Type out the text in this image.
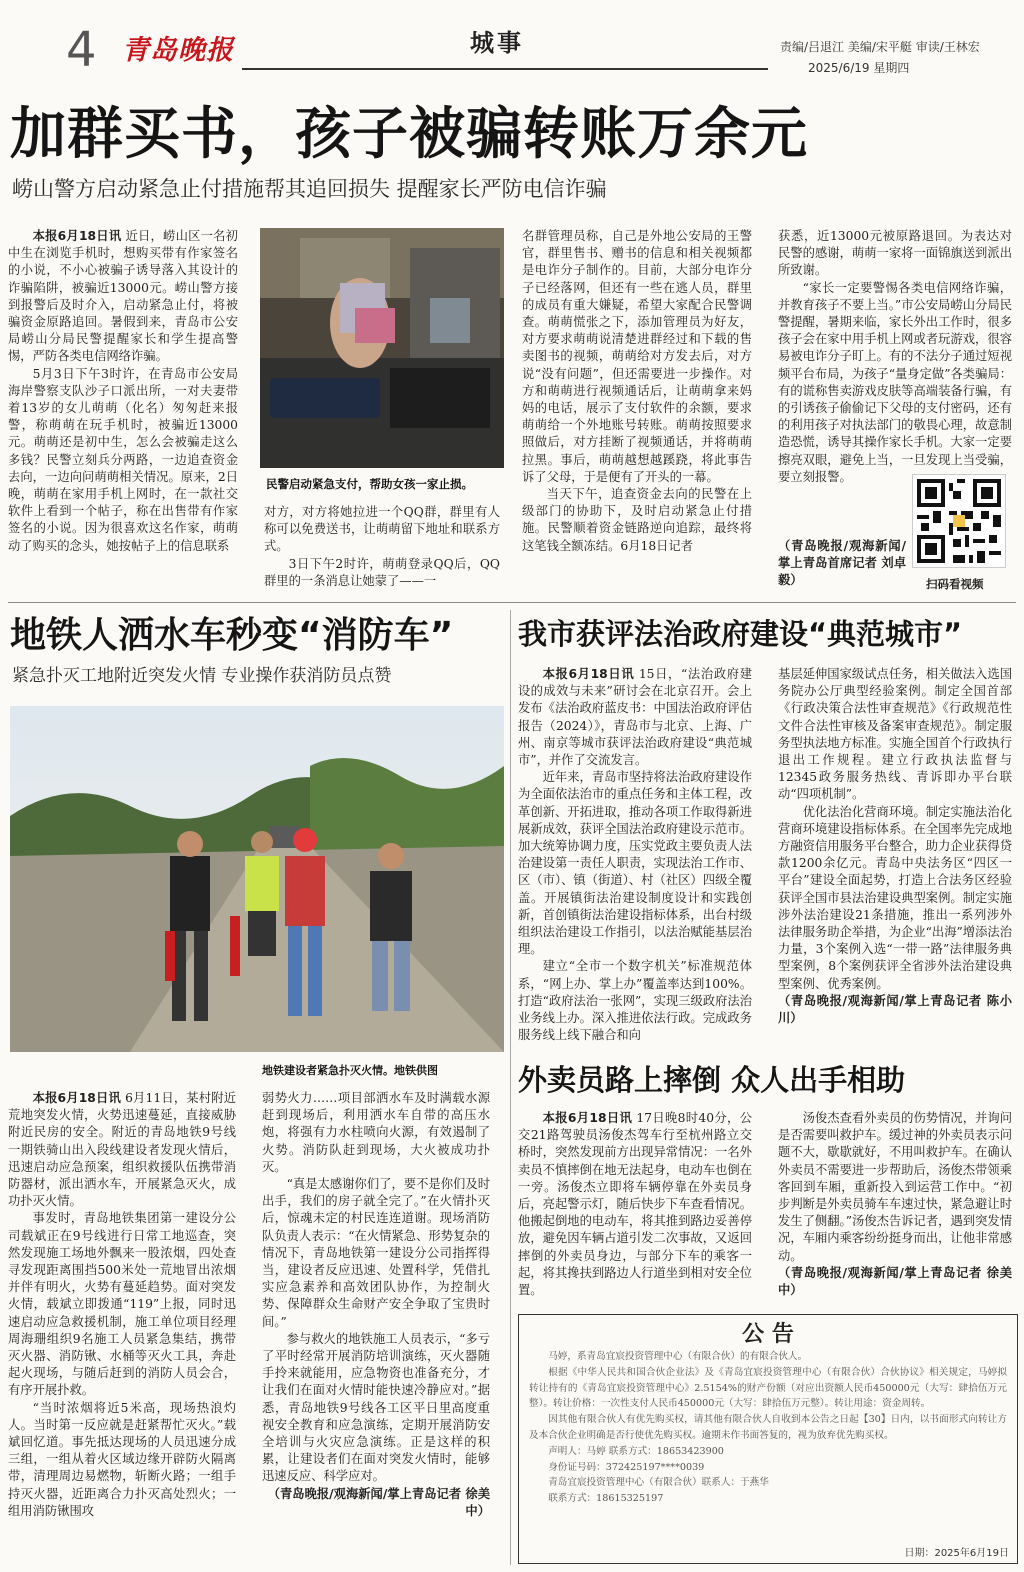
4 青岛晚报	城事	责编/吕退江 美编/宋平艇 审读/王林宏
2025/6/19 星期四
加群买书，孩子被骗转账万余元
崂山警方启动紧急止付措施帮其追回损失 提醒家长严防电信诈骗

本报6月18日讯 近日，崂山区一名初中生在浏览手机时，想购买带有作家签名的小说，不小心被骗子诱导落入其设计的诈骗陷阱，被骗近13000元。崂山警方接到报警后及时介入，启动紧急止付，将被骗资金原路追回。暑假到来，青岛市公安局崂山分局民警提醒家长和学生提高警惕，严防各类电信网络诈骗。

5月3日下午3时许，在青岛市公安局海岸警察支队沙子口派出所，一对夫妻带着13岁的女儿萌萌（化名）匆匆赶来报警，称萌萌在玩手机时，被骗近13000元。萌萌还是初中生，怎么会被骗走这么多钱？民警立刻兵分两路，一边追查资金去向，一边向问萌萌相关情况。原来，2日晚，萌萌在家用手机上网时，在一款社交软件上看到一个帖子，称在出售带有作家签名的小说。因为很喜欢这名作家，萌萌动了购买的念头，她按帖子上的信息联系

民警启动紧急支付，帮助女孩一家止损。

对方，对方将她拉进一个QQ群，群里有人称可以免费送书，让萌萌留下地址和联系方式。

3日下午2时许，萌萌登录QQ后，QQ群里的一条消息让她蒙了——一

名群管理员称，自己是外地公安局的王警官，群里售书、赠书的信息和相关视频都是电诈分子制作的。目前，大部分电诈分子已经落网，但还有一些在逃人员，群里的成员有重大嫌疑，希望大家配合民警调查。萌萌慌张之下，添加管理员为好友，对方要求萌萌说清楚进群经过和下载的售卖图书的视频，萌萌给对方发去后，对方说“没有问题”，但还需要进一步操作。对方和萌萌进行视频通话后，让萌萌拿来妈妈的电话，展示了支付软件的余额，要求萌萌给一个外地账号转账。萌萌按照要求照做后，对方挂断了视频通话，并将萌萌拉黑。事后，萌萌越想越蹊跷，将此事告诉了父母，于是便有了开头的一幕。

当天下午，追查资金去向的民警在上级部门的协助下，及时启动紧急止付措施。民警顺着资金链路逆向追踪，最终将这笔钱全额冻结。6月18日记者

获悉，近13000元被原路退回。为表达对民警的感谢，萌萌一家将一面锦旗送到派出所致谢。

“家长一定要警惕各类电信网络诈骗，并教育孩子不要上当。”市公安局崂山分局民警提醒，暑期来临，家长外出工作时，很多孩子会在家中用手机上网或者玩游戏，很容易被电诈分子盯上。有的不法分子通过短视频平台布局，为孩子“量身定做”各类骗局：有的谎称售卖游戏皮肤等高端装备行骗，有的引诱孩子偷偷记下父母的支付密码，还有的利用孩子对执法部门的敬畏心理，故意制造恐慌，诱导其操作家长手机。大家一定要擦亮双眼，避免上当，一旦发现上当受骗，要立刻报警。

（青岛晚报/观海新闻/掌上青岛首席记者 刘卓毅）	扫码看视频
地铁人洒水车秒变“消防车”
紧急扑灭工地附近突发火情 专业操作获消防员点赞
地铁建设者紧急扑灭火情。地铁供图

本报6月18日讯 6月11日，某村附近荒地突发火情，火势迅速蔓延，直接威胁附近民房的安全。附近的青岛地铁9号线一期铁骑山出入段线建设者发现火情后，迅速启动应急预案，组织救援队伍携带消防器材，派出洒水车，开展紧急灭火，成功扑灭火情。

事发时，青岛地铁集团第一建设分公司载斌正在9号线进行日常工地巡查，突然发现施工场地外飘来一股浓烟，四处查寻发现距离围挡500米处一荒地冒出浓烟并伴有明火，火势有蔓延趋势。面对突发火情，载斌立即拨通“119”上报，同时迅速启动应急救援机制，施工单位项目经理周海珊组织9名施工人员紧急集结，携带灭火器、消防锹、水桶等灭火工具，奔赴起火现场，与随后赶到的消防人员会合，有序开展扑救。

“当时浓烟将近5米高，现场热浪灼人。当时第一反应就是赶紧帮忙灭火。”载斌回忆道。事先抵达现场的人员迅速分成三组，一组从着火区域边缘开辟防火隔离带，清理周边易燃物，斩断火路；一组手持灭火器，近距离合力扑灭高处烈火；一组用消防锹围攻

弱势火力……项目部洒水车及时满载水源赶到现场后，利用洒水车自带的高压水炮，将强有力水柱喷向火源，有效遏制了火势。消防队赶到现场，大火被成功扑灭。

“真是太感谢你们了，要不是你们及时出手，我们的房子就全完了。”在火情扑灭后，惊魂未定的村民连连道谢。现场消防队负责人表示：“在火情紧急、形势复杂的情况下，青岛地铁第一建设分公司指挥得当，建设者反应迅速、处置科学，凭借扎实应急素养和高效团队协作，为控制火势、保障群众生命财产安全争取了宝贵时间。”

参与救火的地铁施工人员表示，“多亏了平时经常开展消防培训演练，灭火器随手拎来就能用，应急物资也准备充分，才让我们在面对火情时能快速冷静应对。”据悉，青岛地铁9号线各工区平日里高度重视安全教育和应急演练，定期开展消防安全培训与火灾应急演练。正是这样的积累，让建设者们在面对突发火情时，能够迅速反应、科学应对。

（青岛晚报/观海新闻/掌上青岛记者 徐美中）

我市获评法治政府建设“典范城市”

本报6月18日讯 15日，“法治政府建设的成效与未来”研讨会在北京召开。会上发布《法治政府蓝皮书：中国法治政府评估报告（2024）》，青岛市与北京、上海、广州、南京等城市获评法治政府建设“典范城市”，并作了交流发言。

近年来，青岛市坚持将法治政府建设作为全面依法治市的重点任务和主体工程，改革创新、开拓进取，推动各项工作取得新进展新成效，获评全国法治政府建设示范市。加大统筹协调力度，压实党政主要负责人法治建设第一责任人职责，实现法治工作市、区（市）、镇（街道）、村（社区）四级全覆盖。开展镇街法治建设制度设计和实践创新，首创镇街法治建设指标体系，出台村级组织法治建设工作指引，以法治赋能基层治理。

建立“全市一个数字机关”标准规范体系，“网上办、掌上办”覆盖率达到100%。打造“政府法治一张网”，实现三级政府法治业务线上办。深入推进依法行政。完成政务服务线上线下融合和向

基层延伸国家级试点任务，相关做法入选国务院办公厅典型经验案例。制定全国首部《行政决策合法性审查规范》《行政规范性文件合法性审核及备案审查规范》。制定服务型执法地方标准。实施全国首个行政执行退出工作规程。建立行政执法监督与12345政务服务热线、青诉即办平台联动“四项机制”。

优化法治化营商环境。制定实施法治化营商环境建设指标体系。在全国率先完成地方融资信用服务平台整合，助力企业获得贷款1200余亿元。青岛中央法务区“四区一平台”建设全面起势，打造上合法务区经验获评全国市县法治建设典型案例。制定实施涉外法治建设21条措施，推出一系列涉外法律服务助企举措，为企业“出海”增添法治力量，3个案例入选“一带一路”法律服务典型案例，8个案例获评全省涉外法治建设典型案例、优秀案例。

（青岛晚报/观海新闻/掌上青岛记者 陈小川）

外卖员路上摔倒 众人出手相助

本报6月18日讯 17日晚8时40分，公交21路驾驶员汤俊杰驾车行至杭州路立交桥时，突然发现前方出现异常情况：一名外卖员不慎摔倒在地无法起身，电动车也倒在一旁。汤俊杰立即将车辆停靠在外卖员身后，亮起警示灯，随后快步下车查看情况。他搬起倒地的电动车，将其推到路边妥善停放，避免因车辆占道引发二次事故，又返回摔倒的外卖员身边，与部分下车的乘客一起，将其搀扶到路边人行道坐到相对安全位置。

汤俊杰查看外卖员的伤势情况，并询问是否需要叫救护车。缓过神的外卖员表示问题不大，歇歇就好，不用叫救护车。在确认外卖员不需要进一步帮助后，汤俊杰带领乘客回到车厢，重新投入到运营工作中。“初步判断是外卖员骑车车速过快，紧急避让时发生了侧翻。”汤俊杰告诉记者，遇到突发情况，车厢内乘客纷纷挺身而出，让他非常感动。

（青岛晚报/观海新闻/掌上青岛记者 徐美中）

公 告

马婷，系青岛宜宸投资管理中心（有限合伙）的有限合伙人。

根据《中华人民共和国合伙企业法》及《青岛宜宸投资管理中心（有限合伙）合伙协议》相关规定，马婷拟转让持有的《青岛宜宸投资管理中心》2.5154%的财产份额（对应出资额人民币450000元（大写：肆拾伍万元整）。转让价格：一次性支付人民币450000元（大写：肆拾伍万元整）。转让用途：资金周转。

因其他有限合伙人有优先购买权，请其他有限合伙人自收到本公告之日起【30】日内，以书面形式向转让方及本合伙企业明确是否行使优先购买权。逾期未作书面答复的，视为放弃优先购买权。

声明人：马婷 联系方式：18653423900

身份证号码：372425197****0039

青岛宜宸投资管理中心（有限合伙）联系人：于燕华

联系方式：18615325197

日期：2025年6月19日
